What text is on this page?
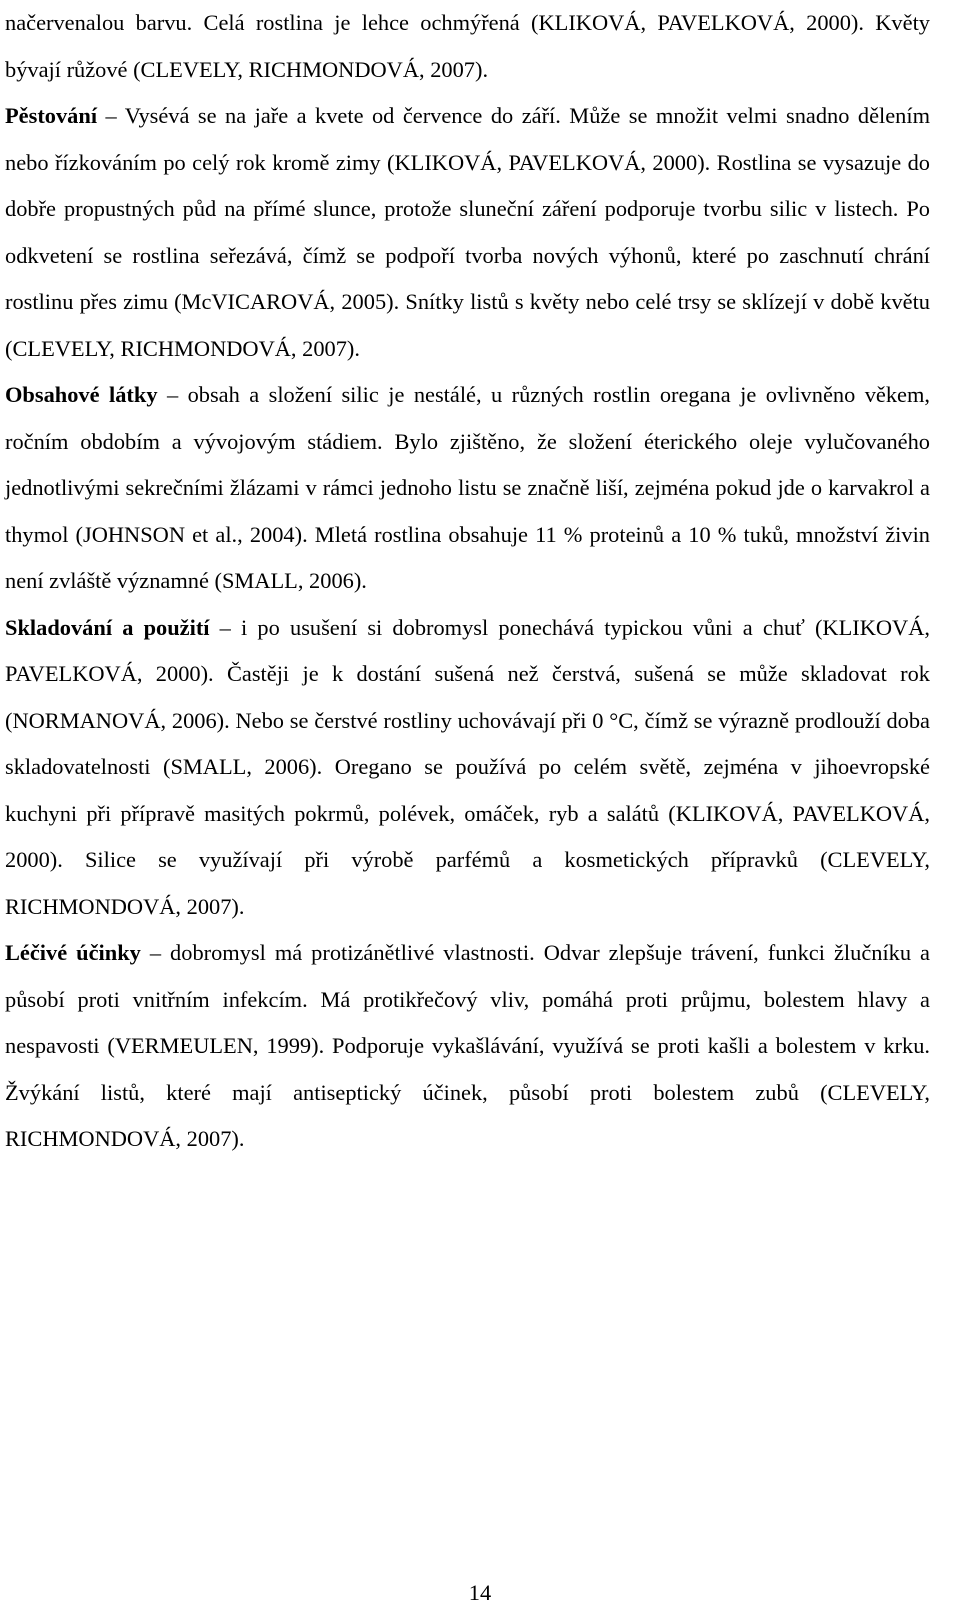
načervenalou barvu. Celá rostlina je lehce ochmýřená (KLIKOVÁ, PAVELKOVÁ, 2000). Květy bývají růžové (CLEVELY, RICHMONDOVÁ, 2007).

Pěstování – Vysévá se na jaře a kvete od července do září. Může se množit velmi snadno dělením nebo řízkováním po celý rok kromě zimy (KLIKOVÁ, PAVELKOVÁ, 2000). Rostlina se vysazuje do dobře propustných půd na přímé slunce, protože sluneční záření podporuje tvorbu silic v listech. Po odkvetení se rostlina seřezává, čímž se podpoří tvorba nových výhonů, které po zaschnutí chrání rostlinu přes zimu (McVICAROVÁ, 2005). Snítky listů s květy nebo celé trsy se sklízejí v době květu (CLEVELY, RICHMONDOVÁ, 2007).

Obsahové látky – obsah a složení silic je nestálé, u různých rostlin oregana je ovlivněno věkem, ročním obdobím a vývojovým stádiem. Bylo zjištěno, že složení éterického oleje vylučovaného jednotlivými sekrečními žlázami v rámci jednoho listu se značně liší, zejména pokud jde o karvakrol a thymol (JOHNSON et al., 2004). Mletá rostlina obsahuje 11 % proteinů a 10 % tuků, množství živin není zvláště významné (SMALL, 2006).

Skladování a použití – i po usušení si dobromysl ponechává typickou vůni a chuť (KLIKOVÁ, PAVELKOVÁ, 2000). Častěji je k dostání sušená než čerstvá, sušená se může skladovat rok (NORMANOVÁ, 2006). Nebo se čerstvé rostliny uchovávají při 0 °C, čímž se výrazně prodlouží doba skladovatelnosti (SMALL, 2006). Oregano se používá po celém světě, zejména v jihoevropské kuchyni při přípravě masitých pokrmů, polévek, omáček, ryb a salátů (KLIKOVÁ, PAVELKOVÁ, 2000). Silice se využívají při výrobě parfémů a kosmetických přípravků (CLEVELY, RICHMONDOVÁ, 2007).

Léčivé účinky – dobromysl má protizánětlivé vlastnosti. Odvar zlepšuje trávení, funkci žlučníku a působí proti vnitřním infekcím. Má protikřečový vliv, pomáhá proti průjmu, bolestem hlavy a nespavosti (VERMEULEN, 1999). Podporuje vykašlávání, využívá se proti kašli a bolestem v krku. Žvýkání listů, které mají antiseptický účinek, působí proti bolestem zubů (CLEVELY, RICHMONDOVÁ, 2007).

14
